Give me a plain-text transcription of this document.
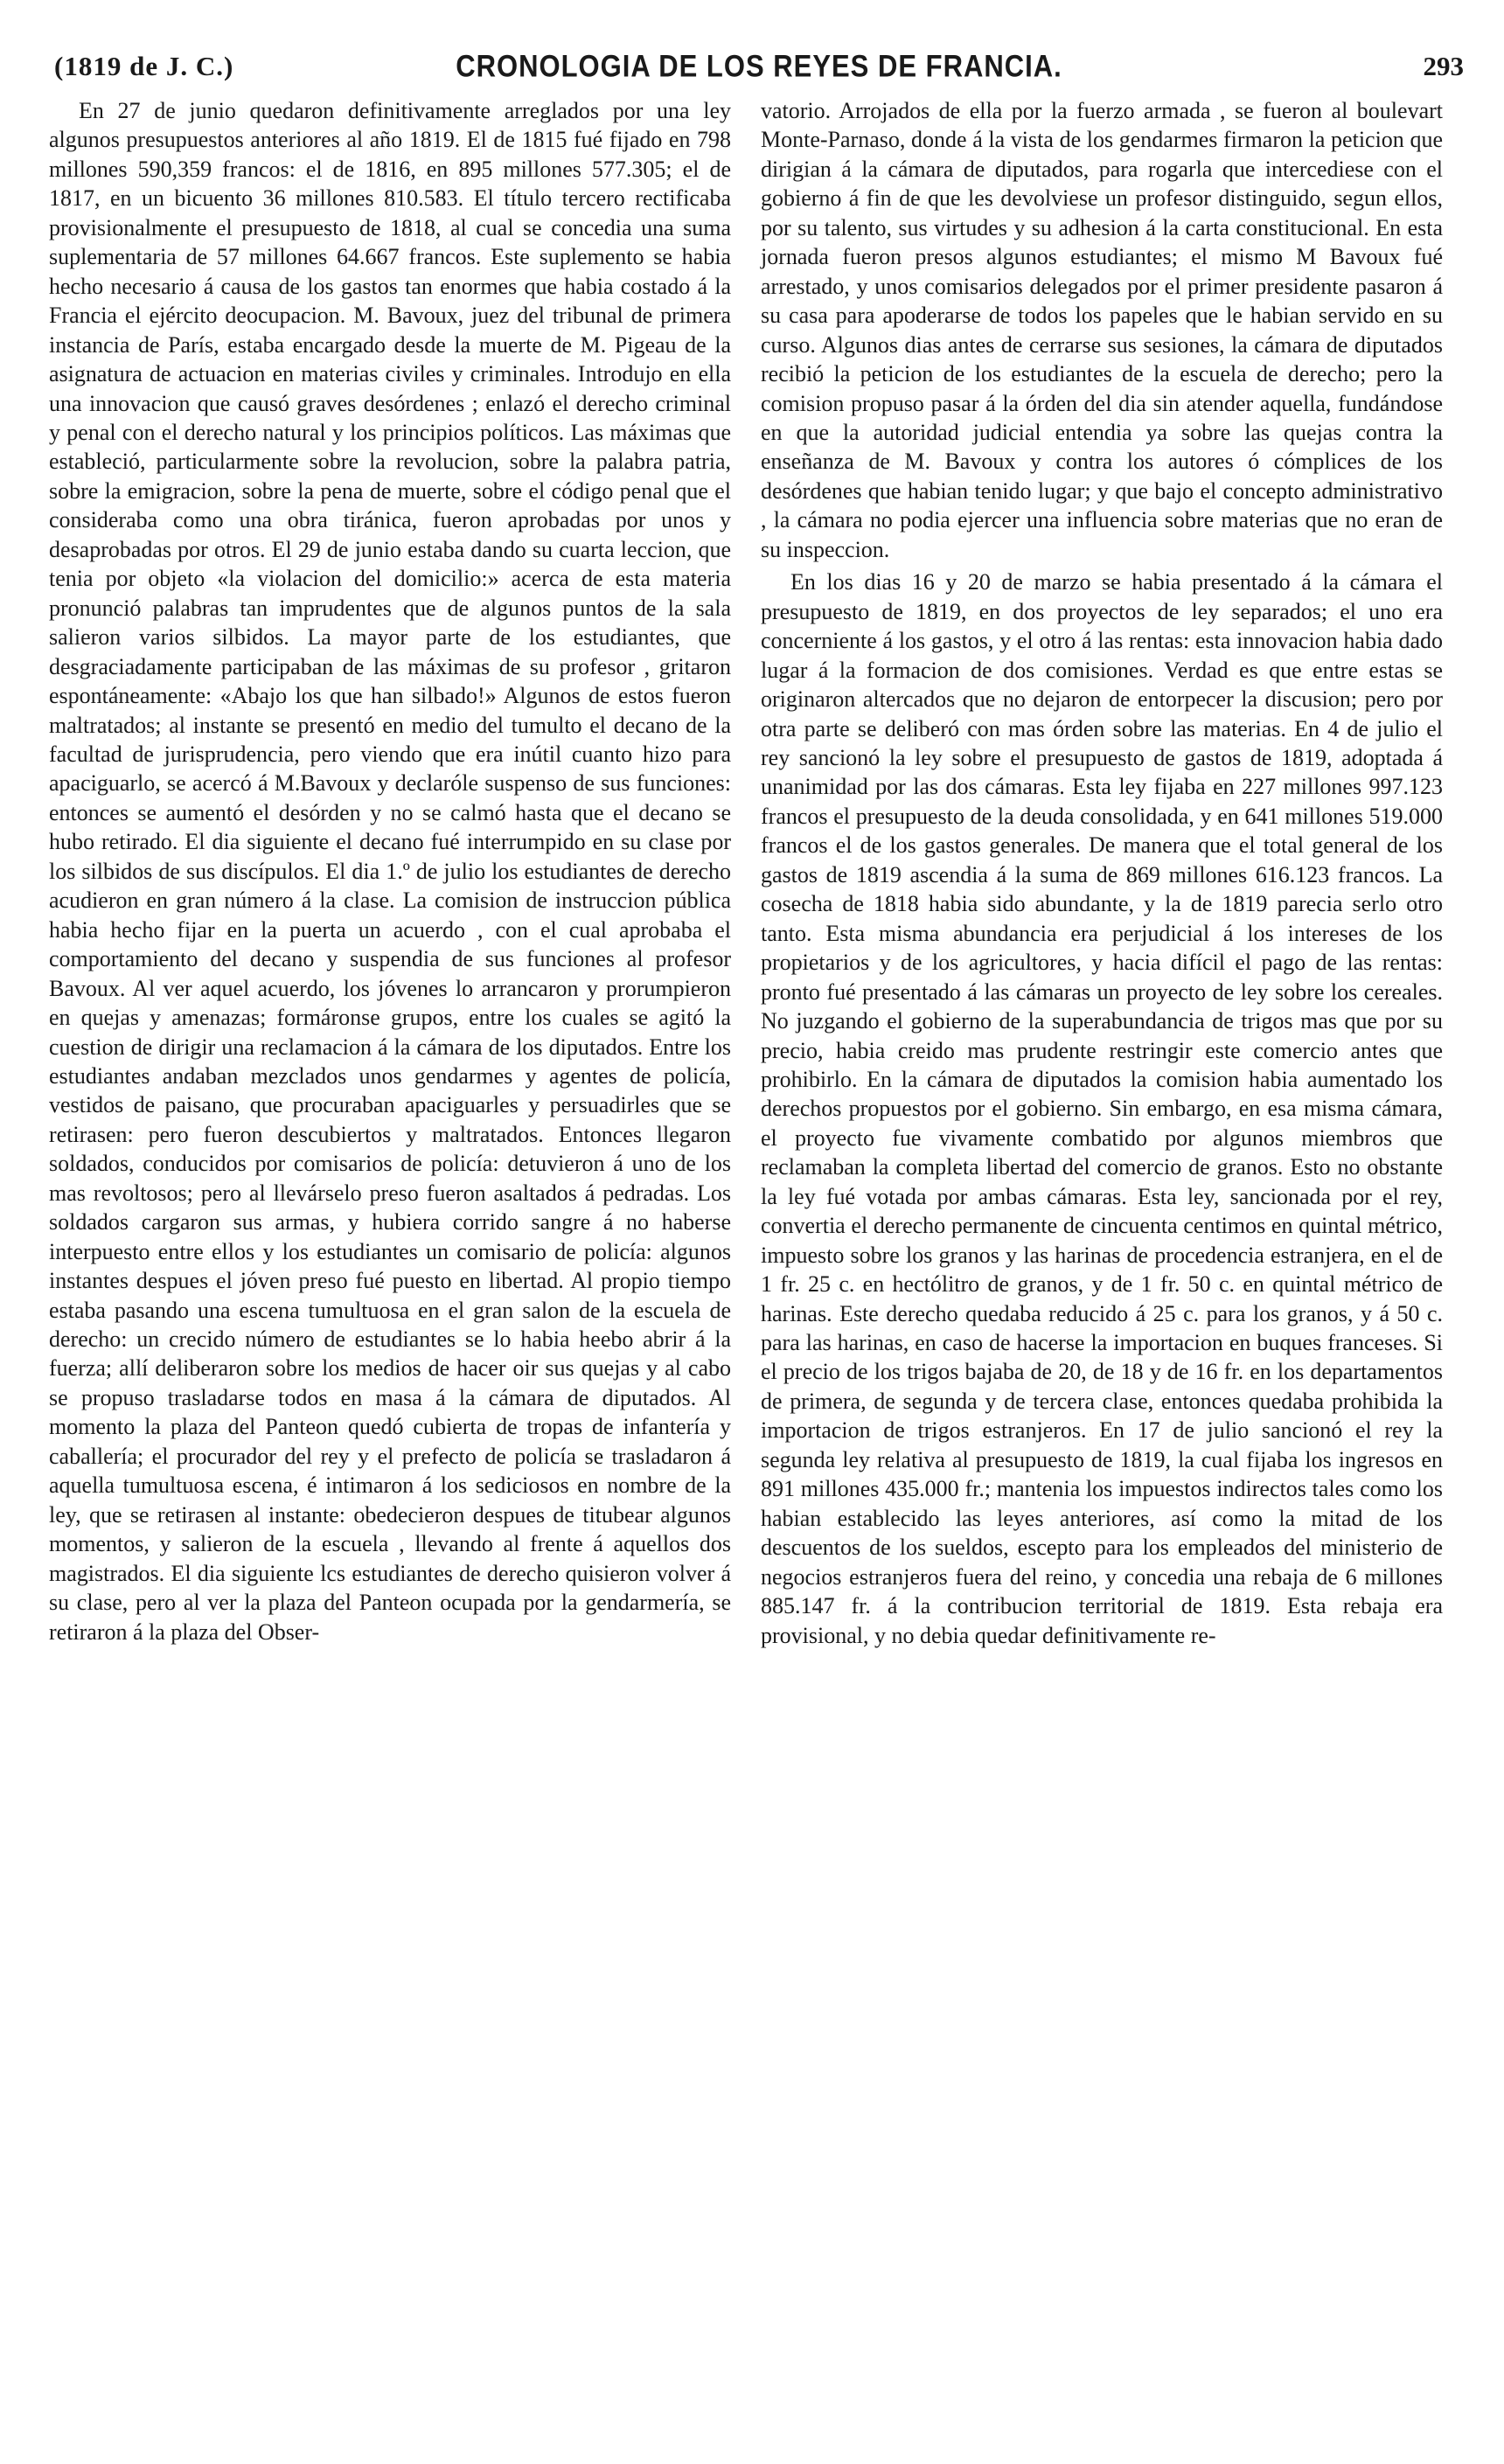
(1819 de J. C.)	CRONOLOGIA DE LOS REYES DE FRANCIA.	293

En 27 de junio quedaron definitivamente arreglados por una ley algunos presupuestos anteriores al año 1819. El de 1815 fué fijado en 798 millones 590,359 francos: el de 1816, en 895 millones 577.305; el de 1817, en un bicuento 36 millones 810.583. El título tercero rectificaba provisionalmente el presupuesto de 1818, al cual se concedia una suma suplementaria de 57 millones 64.667 francos. Este suplemento se habia hecho necesario á causa de los gastos tan enormes que habia costado á la Francia el ejército deocupacion. M. Bavoux, juez del tribunal de primera instancia de París, estaba encargado desde la muerte de M. Pigeau de la asignatura de actuacion en materias civiles y criminales. Introdujo en ella una innovacion que causó graves desórdenes ; enlazó el derecho criminal y penal con el derecho natural y los principios políticos. Las máximas que estableció, particularmente sobre la revolucion, sobre la palabra patria, sobre la emigracion, sobre la pena de muerte, sobre el código penal que el consideraba como una obra tiránica, fueron aprobadas por unos y desaprobadas por otros. El 29 de junio estaba dando su cuarta leccion, que tenia por objeto «la violacion del domicilio:» acerca de esta materia pronunció palabras tan imprudentes que de algunos puntos de la sala salieron varios silbidos. La mayor parte de los estudiantes, que desgraciadamente participaban de las máximas de su profesor , gritaron espontáneamente: «Abajo los que han silbado!» Algunos de estos fueron maltratados; al instante se presentó en medio del tumulto el decano de la facultad de jurisprudencia, pero viendo que era inútil cuanto hizo para apaciguarlo, se acercó á M.Bavoux y declaróle suspenso de sus funciones: entonces se aumentó el desórden y no se calmó hasta que el decano se hubo retirado. El dia siguiente el decano fué interrumpido en su clase por los silbidos de sus discípulos. El dia 1.º de julio los estudiantes de derecho acudieron en gran número á la clase. La comision de instruccion pública habia hecho fijar en la puerta un acuerdo , con el cual aprobaba el comportamiento del decano y suspendia de sus funciones al profesor Bavoux. Al ver aquel acuerdo, los jóvenes lo arrancaron y prorumpieron en quejas y amenazas; formáronse grupos, entre los cuales se agitó la cuestion de dirigir una reclamacion á la cámara de los diputados. Entre los estudiantes andaban mezclados unos gendarmes y agentes de policía, vestidos de paisano, que procuraban apaciguarles y persuadirles que se retirasen: pero fueron descubiertos y maltratados. Entonces llegaron soldados, conducidos por comisarios de policía: detuvieron á uno de los mas revoltosos; pero al llevárselo preso fueron asaltados á pedradas. Los soldados cargaron sus armas, y hubiera corrido sangre á no haberse interpuesto entre ellos y los estudiantes un comisario de policía: algunos instantes despues el jóven preso fué puesto en libertad. Al propio tiempo estaba pasando una escena tumultuosa en el gran salon de la escuela de derecho: un crecido número de estudiantes se lo habia heebo abrir á la fuerza; allí deliberaron sobre los medios de hacer oir sus quejas y al cabo se propuso trasladarse todos en masa á la cámara de diputados. Al momento la plaza del Panteon quedó cubierta de tropas de infantería y caballería; el procurador del rey y el prefecto de policía se trasladaron á aquella tumultuosa escena, é intimaron á los sediciosos en nombre de la ley, que se retirasen al instante: obedecieron despues de titubear algunos momentos, y salieron de la escuela , llevando al frente á aquellos dos magistrados. El dia siguiente lcs estudiantes de derecho quisieron volver á su clase, pero al ver la plaza del Panteon ocupada por la gendarmería, se retiraron á la plaza del Obser-

vatorio. Arrojados de ella por la fuerzo armada , se fueron al boulevart Monte-Parnaso, donde á la vista de los gendarmes firmaron la peticion que dirigian á la cámara de diputados, para rogarla que intercediese con el gobierno á fin de que les devolviese un profesor distinguido, segun ellos, por su talento, sus virtudes y su adhesion á la carta constitucional. En esta jornada fueron presos algunos estudiantes; el mismo M Bavoux fué arrestado, y unos comisarios delegados por el primer presidente pasaron á su casa para apoderarse de todos los papeles que le habian servido en su curso. Algunos dias antes de cerrarse sus sesiones, la cámara de diputados recibió la peticion de los estudiantes de la escuela de derecho; pero la comision propuso pasar á la órden del dia sin atender aquella, fundándose en que la autoridad judicial entendia ya sobre las quejas contra la enseñanza de M. Bavoux y contra los autores ó cómplices de los desórdenes que habian tenido lugar; y que bajo el concepto administrativo , la cámara no podia ejercer una influencia sobre materias que no eran de su inspeccion.

En los dias 16 y 20 de marzo se habia presentado á la cámara el presupuesto de 1819, en dos proyectos de ley separados; el uno era concerniente á los gastos, y el otro á las rentas: esta innovacion habia dado lugar á la formacion de dos comisiones. Verdad es que entre estas se originaron altercados que no dejaron de entorpecer la discusion; pero por otra parte se deliberó con mas órden sobre las materias. En 4 de julio el rey sancionó la ley sobre el presupuesto de gastos de 1819, adoptada á unanimidad por las dos cámaras. Esta ley fijaba en 227 millones 997.123 francos el presupuesto de la deuda consolidada, y en 641 millones 519.000 francos el de los gastos generales. De manera que el total general de los gastos de 1819 ascendia á la suma de 869 millones 616.123 francos. La cosecha de 1818 habia sido abundante, y la de 1819 parecia serlo otro tanto. Esta misma abundancia era perjudicial á los intereses de los propietarios y de los agricultores, y hacia difícil el pago de las rentas: pronto fué presentado á las cámaras un proyecto de ley sobre los cereales. No juzgando el gobierno de la superabundancia de trigos mas que por su precio, habia creido mas prudente restringir este comercio antes que prohibirlo. En la cámara de diputados la comision habia aumentado los derechos propuestos por el gobierno. Sin embargo, en esa misma cámara, el proyecto fue vivamente combatido por algunos miembros que reclamaban la completa libertad del comercio de granos. Esto no obstante la ley fué votada por ambas cámaras. Esta ley, sancionada por el rey, convertia el derecho permanente de cincuenta centimos en quintal métrico, impuesto sobre los granos y las harinas de procedencia estranjera, en el de 1 fr. 25 c. en hectólitro de granos, y de 1 fr. 50 c. en quintal métrico de harinas. Este derecho quedaba reducido á 25 c. para los granos, y á 50 c. para las harinas, en caso de hacerse la importacion en buques franceses. Si el precio de los trigos bajaba de 20, de 18 y de 16 fr. en los departamentos de primera, de segunda y de tercera clase, entonces quedaba prohibida la importacion de trigos estranjeros. En 17 de julio sancionó el rey la segunda ley relativa al presupuesto de 1819, la cual fijaba los ingresos en 891 millones 435.000 fr.; mantenia los impuestos indirectos tales como los habian establecido las leyes anteriores, así como la mitad de los descuentos de los sueldos, escepto para los empleados del ministerio de negocios estranjeros fuera del reino, y concedia una rebaja de 6 millones 885.147 fr. á la contribucion territorial de 1819. Esta rebaja era provisional, y no debia quedar definitivamente re-
